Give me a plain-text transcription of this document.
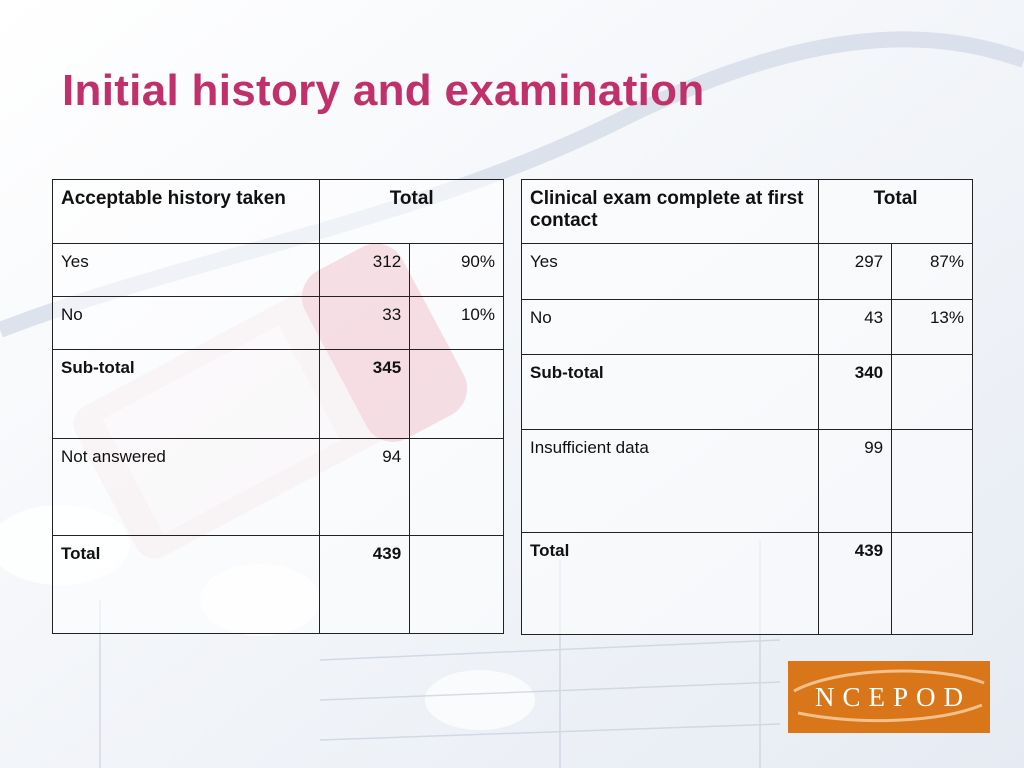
Initial history and examination
Acceptable history taken	Total	
Yes	312	90%
No	33	10%
Sub-total	345	
Not answered	94	
Total	439	
Clinical exam complete at first contact	Total	
Yes	297	87%
No	43	13%
Sub-total	340	
Insufficient data	99	
Total	439	
NCEPOD
